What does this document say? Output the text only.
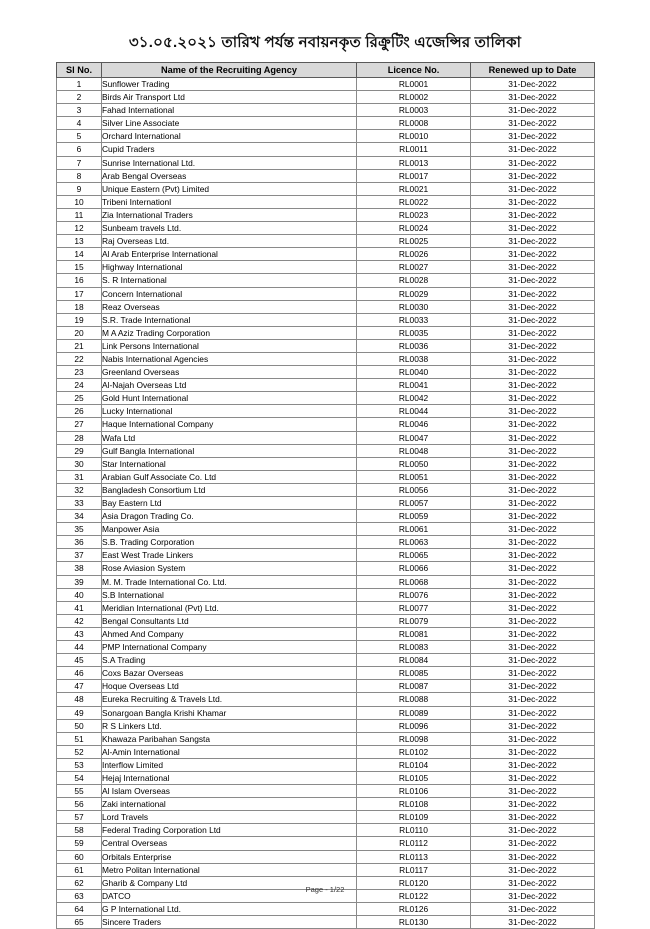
৩১.০৫.২০২১ তারিখ পর্যন্ত নবায়নকৃত রিক্রুটিং এজেন্সির তালিকা
Sl No.	Name of the Recruiting Agency	Licence No.	Renewed up to Date
1	Sunflower Trading	RL0001	31-Dec-2022
2	Birds Air Transport Ltd	RL0002	31-Dec-2022
3	Fahad International	RL0003	31-Dec-2022
4	Silver Line Associate	RL0008	31-Dec-2022
5	Orchard International	RL0010	31-Dec-2022
6	Cupid Traders	RL0011	31-Dec-2022
7	Sunrise International Ltd.	RL0013	31-Dec-2022
8	Arab Bengal Overseas	RL0017	31-Dec-2022
9	Unique Eastern (Pvt) Limited	RL0021	31-Dec-2022
10	Tribeni Internationl	RL0022	31-Dec-2022
11	Zia International Traders	RL0023	31-Dec-2022
12	Sunbeam travels Ltd.	RL0024	31-Dec-2022
13	Raj Overseas Ltd.	RL0025	31-Dec-2022
14	Al Arab Enterprise International	RL0026	31-Dec-2022
15	Highway International	RL0027	31-Dec-2022
16	S. R International	RL0028	31-Dec-2022
17	Concern International	RL0029	31-Dec-2022
18	Reaz Overseas	RL0030	31-Dec-2022
19	S.R. Trade International	RL0033	31-Dec-2022
20	M A Aziz Trading Corporation	RL0035	31-Dec-2022
21	Link Persons International	RL0036	31-Dec-2022
22	Nabis International Agencies	RL0038	31-Dec-2022
23	Greenland Overseas	RL0040	31-Dec-2022
24	Al-Najah Overseas Ltd	RL0041	31-Dec-2022
25	Gold Hunt International	RL0042	31-Dec-2022
26	Lucky International	RL0044	31-Dec-2022
27	Haque International Company	RL0046	31-Dec-2022
28	Wafa Ltd	RL0047	31-Dec-2022
29	Gulf Bangla International	RL0048	31-Dec-2022
30	Star International	RL0050	31-Dec-2022
31	Arabian Gulf Associate Co. Ltd	RL0051	31-Dec-2022
32	Bangladesh Consortium Ltd	RL0056	31-Dec-2022
33	Bay Eastern Ltd	RL0057	31-Dec-2022
34	Asia Dragon Trading Co.	RL0059	31-Dec-2022
35	Manpower Asia	RL0061	31-Dec-2022
36	S.B. Trading Corporation	RL0063	31-Dec-2022
37	East West Trade Linkers	RL0065	31-Dec-2022
38	Rose Aviasion System	RL0066	31-Dec-2022
39	M. M. Trade International Co. Ltd.	RL0068	31-Dec-2022
40	S.B International	RL0076	31-Dec-2022
41	Meridian International (Pvt) Ltd.	RL0077	31-Dec-2022
42	Bengal Consultants Ltd	RL0079	31-Dec-2022
43	Ahmed And Company	RL0081	31-Dec-2022
44	PMP International Company	RL0083	31-Dec-2022
45	S.A Trading	RL0084	31-Dec-2022
46	Coxs Bazar Overseas	RL0085	31-Dec-2022
47	Hoque Overseas Ltd	RL0087	31-Dec-2022
48	Eureka Recruiting & Travels Ltd.	RL0088	31-Dec-2022
49	Sonargoan Bangla Krishi Khamar	RL0089	31-Dec-2022
50	R S Linkers Ltd.	RL0096	31-Dec-2022
51	Khawaza Paribahan Sangsta	RL0098	31-Dec-2022
52	Al-Amin International	RL0102	31-Dec-2022
53	Interflow Limited	RL0104	31-Dec-2022
54	Hejaj International	RL0105	31-Dec-2022
55	Al Islam Overseas	RL0106	31-Dec-2022
56	Zaki international	RL0108	31-Dec-2022
57	Lord Travels	RL0109	31-Dec-2022
58	Federal Trading Corporation Ltd	RL0110	31-Dec-2022
59	Central Overseas	RL0112	31-Dec-2022
60	Orbitals Enterprise	RL0113	31-Dec-2022
61	Metro Politan International	RL0117	31-Dec-2022
62	Gharib & Company Ltd	RL0120	31-Dec-2022
63	DATCO	RL0122	31-Dec-2022
64	G P International Ltd.	RL0126	31-Dec-2022
65	Sincere Traders	RL0130	31-Dec-2022
Page - 1/22
